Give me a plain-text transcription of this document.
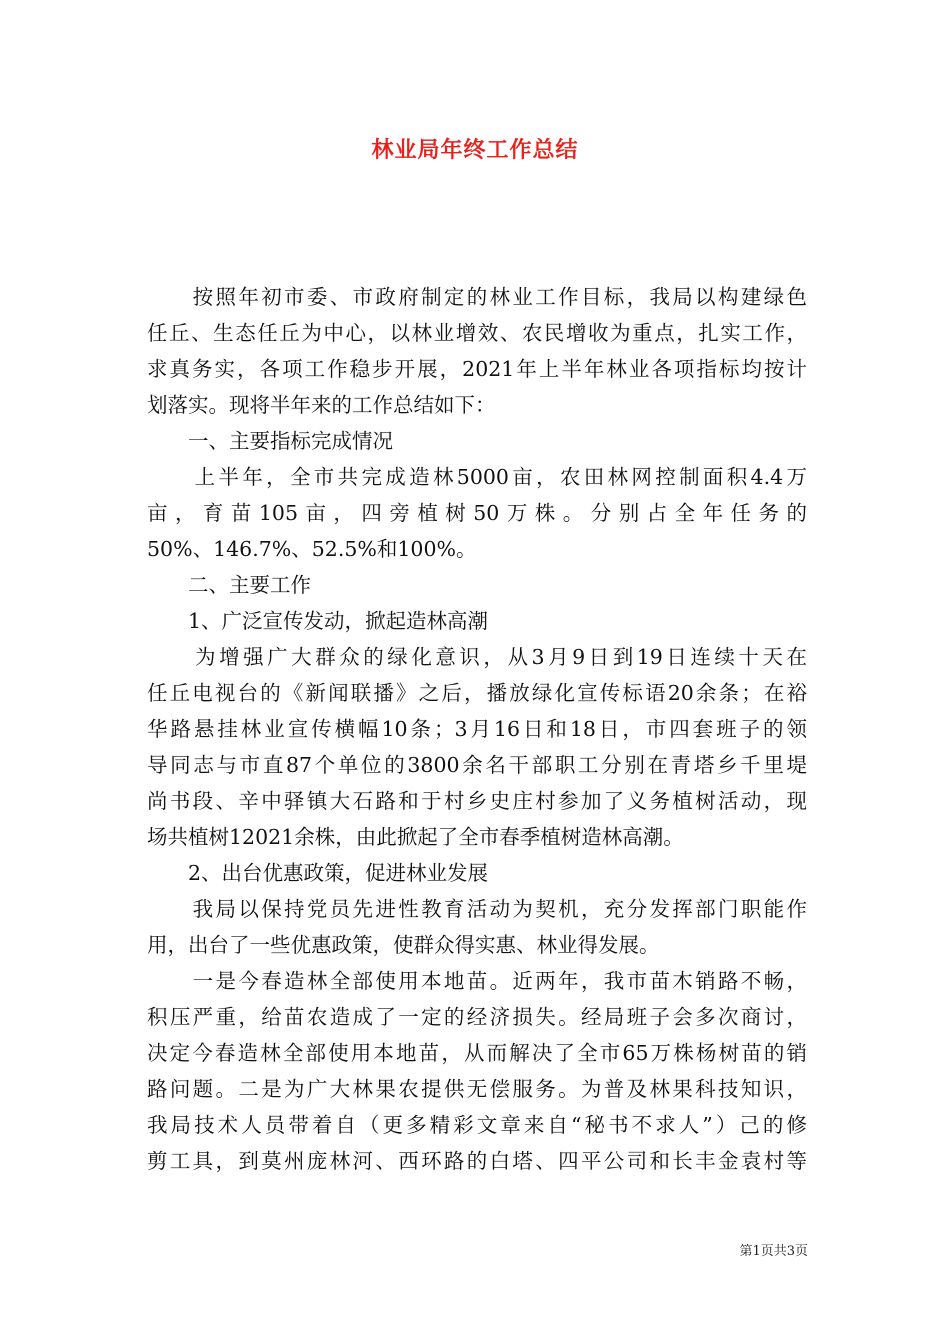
林业局年终工作总结
　　按照年初市委、市政府制定的林业工作目标，我局以构建绿色
任丘、生态任丘为中心，以林业增效、农民增收为重点，扎实工作，
求真务实，各项工作稳步开展，2021年上半年林业各项指标均按计
划落实。现将半年来的工作总结如下：
　　一、主要指标完成情况
　　上半年，全市共完成造林5000亩，农田林网控制面积4.4万
亩，育苗105亩，四旁植树50万株。分别占全年任务的
50%、146.7%、52.5%和100%。
　　二、主要工作
　　1、广泛宣传发动，掀起造林高潮
　　为增强广大群众的绿化意识，从3月9日到19日连续十天在
任丘电视台的《新闻联播》之后，播放绿化宣传标语20余条；在裕
华路悬挂林业宣传横幅10条；3月16日和18日，市四套班子的领
导同志与市直87个单位的3800余名干部职工分别在青塔乡千里堤
尚书段、辛中驿镇大石路和于村乡史庄村参加了义务植树活动，现
场共植树12021余株，由此掀起了全市春季植树造林高潮。
　　2、出台优惠政策，促进林业发展
　　我局以保持党员先进性教育活动为契机，充分发挥部门职能作
用，出台了一些优惠政策，使群众得实惠、林业得发展。
　　一是今春造林全部使用本地苗。近两年，我市苗木销路不畅，
积压严重，给苗农造成了一定的经济损失。经局班子会多次商讨，
决定今春造林全部使用本地苗，从而解决了全市65万株杨树苗的销
路问题。二是为广大林果农提供无偿服务。为普及林果科技知识，
我局技术人员带着自（更多精彩文章来自“秘书不求人”）己的修
剪工具，到莫州庞林河、西环路的白塔、四平公司和长丰金袁村等
第1页共3页
